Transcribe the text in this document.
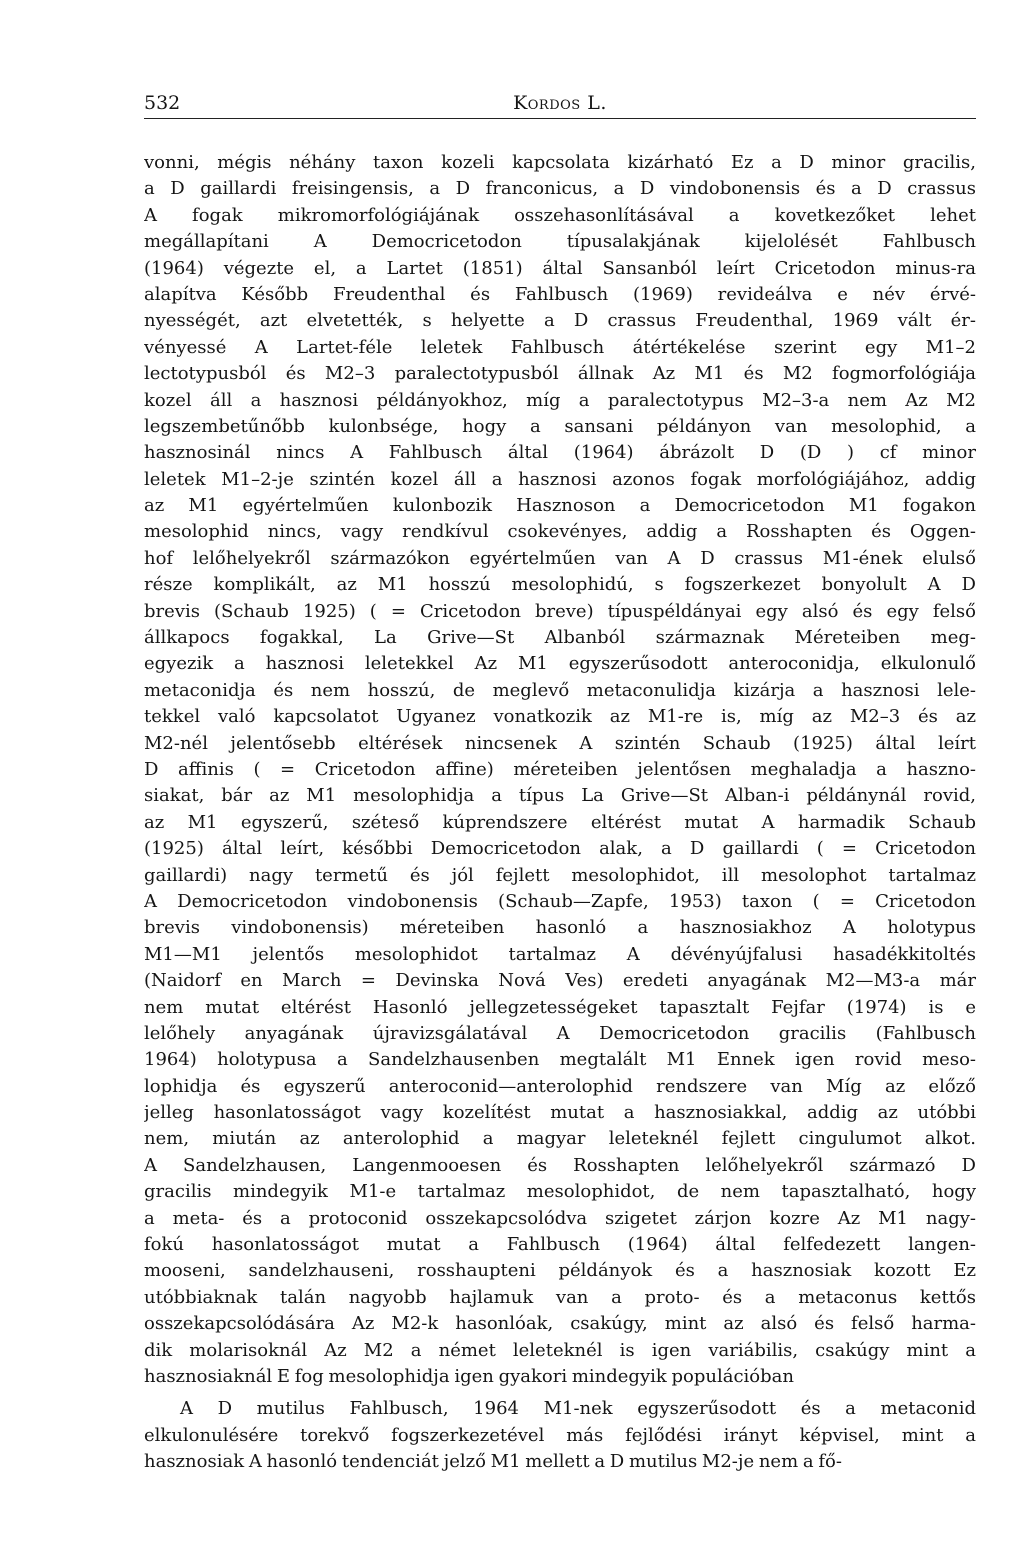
532	Kordos L.
vonni, mégis néhány taxon kozeli kapcsolata kizárható Ez a D minor gracilis,
a D gaillardi freisingensis, a D franconicus, a D vindobonensis és a D crassus
A fogak mikromorfológiájának osszehasonlításával a kovetkezőket lehet
megállapítani A Democricetodon típusalakjának kijelolését Fahlbusch
(1964) végezte el, a Lartet (1851) által Sansanból leírt Cricetodon minus-ra
alapítva Később Freudenthal és Fahlbusch (1969) revideálva e név érvé-
nyességét, azt elvetették, s helyette a D crassus Freudenthal, 1969 vált ér-
vényessé A Lartet-féle leletek Fahlbusch átértékelése szerint egy M1–2
lectotypusból és M2–3 paralectotypusból állnak Az M1 és M2 fogmorfológiája
kozel áll a hasznosi példányokhoz, míg a paralectotypus M2–3-a nem Az M2
legszembetűnőbb kulonbsége, hogy a sansani példányon van mesolophid, a
hasznosinál nincs A Fahlbusch által (1964) ábrázolt D (D ) cf minor
leletek M1–2-je szintén kozel áll a hasznosi azonos fogak morfológiájához, addig
az M1 egyértelműen kulonbozik Hasznoson a Democricetodon M1 fogakon
mesolophid nincs, vagy rendkívul csokevényes, addig a Rosshapten és Oggen-
hof lelőhelyekről származókon egyértelműen van A D crassus M1-ének elulső
része komplikált, az M1 hosszú mesolophidú, s fogszerkezet bonyolult A D
brevis (Schaub 1925) ( = Cricetodon breve) típuspéldányai egy alsó és egy felső
állkapocs fogakkal, La Grive—St Albanból származnak Méreteiben meg-
egyezik a hasznosi leletekkel Az M1 egyszerűsodott anteroconidja, elkulonulő
metaconidja és nem hosszú, de meglevő metaconulidja kizárja a hasznosi lele-
tekkel való kapcsolatot Ugyanez vonatkozik az M1-re is, míg az M2–3 és az
M2-nél jelentősebb eltérések nincsenek A szintén Schaub (1925) által leírt
D affinis ( = Cricetodon affine) méreteiben jelentősen meghaladja a haszno-
siakat, bár az M1 mesolophidja a típus La Grive—St Alban-i példánynál rovid,
az M1 egyszerű, széteső kúprendszere eltérést mutat A harmadik Schaub
(1925) által leírt, későbbi Democricetodon alak, a D gaillardi ( = Cricetodon
gaillardi) nagy termetű és jól fejlett mesolophidot, ill mesolophot tartalmaz
A Democricetodon vindobonensis (Schaub—Zapfe, 1953) taxon ( = Cricetodon
brevis vindobonensis) méreteiben hasonló a hasznosiakhoz A holotypus
M1—M1 jelentős mesolophidot tartalmaz A dévényújfalusi hasadékkitoltés
(Naidorf en March = Devinska Nová Ves) eredeti anyagának M2—M3-a már
nem mutat eltérést Hasonló jellegzetességeket tapasztalt Fejfar (1974) is e
lelőhely anyagának újravizsgálatával A Democricetodon gracilis (Fahlbusch
1964) holotypusa a Sandelzhausenben megtalált M1 Ennek igen rovid meso-
lophidja és egyszerű anteroconid—anterolophid rendszere van Míg az előző
jelleg hasonlatosságot vagy kozelítést mutat a hasznosiakkal, addig az utóbbi
nem, miután az anterolophid a magyar leleteknél fejlett cingulumot alkot.
A Sandelzhausen, Langenmooesen és Rosshapten lelőhelyekről származó D
gracilis mindegyik M1-e tartalmaz mesolophidot, de nem tapasztalható, hogy
a meta- és a protoconid osszekapcsolódva szigetet zárjon kozre Az M1 nagy-
fokú hasonlatosságot mutat a Fahlbusch (1964) által felfedezett langen-
mooseni, sandelzhauseni, rosshaupteni példányok és a hasznosiak kozott Ez
utóbbiaknak talán nagyobb hajlamuk van a proto- és a metaconus kettős
osszekapcsolódására Az M2-k hasonlóak, csakúgy, mint az alsó és felső harma-
dik molarisoknál Az M2 a német leleteknél is igen variábilis, csakúgy mint a
hasznosiaknál E fog mesolophidja igen gyakori mindegyik populációban
A D mutilus Fahlbusch, 1964 M1-nek egyszerűsodott és a metaconid
elkulonulésére torekvő fogszerkezetével más fejlődési irányt képvisel, mint a
hasznosiak A hasonló tendenciát jelző M1 mellett a D mutilus M2-je nem a fő-
